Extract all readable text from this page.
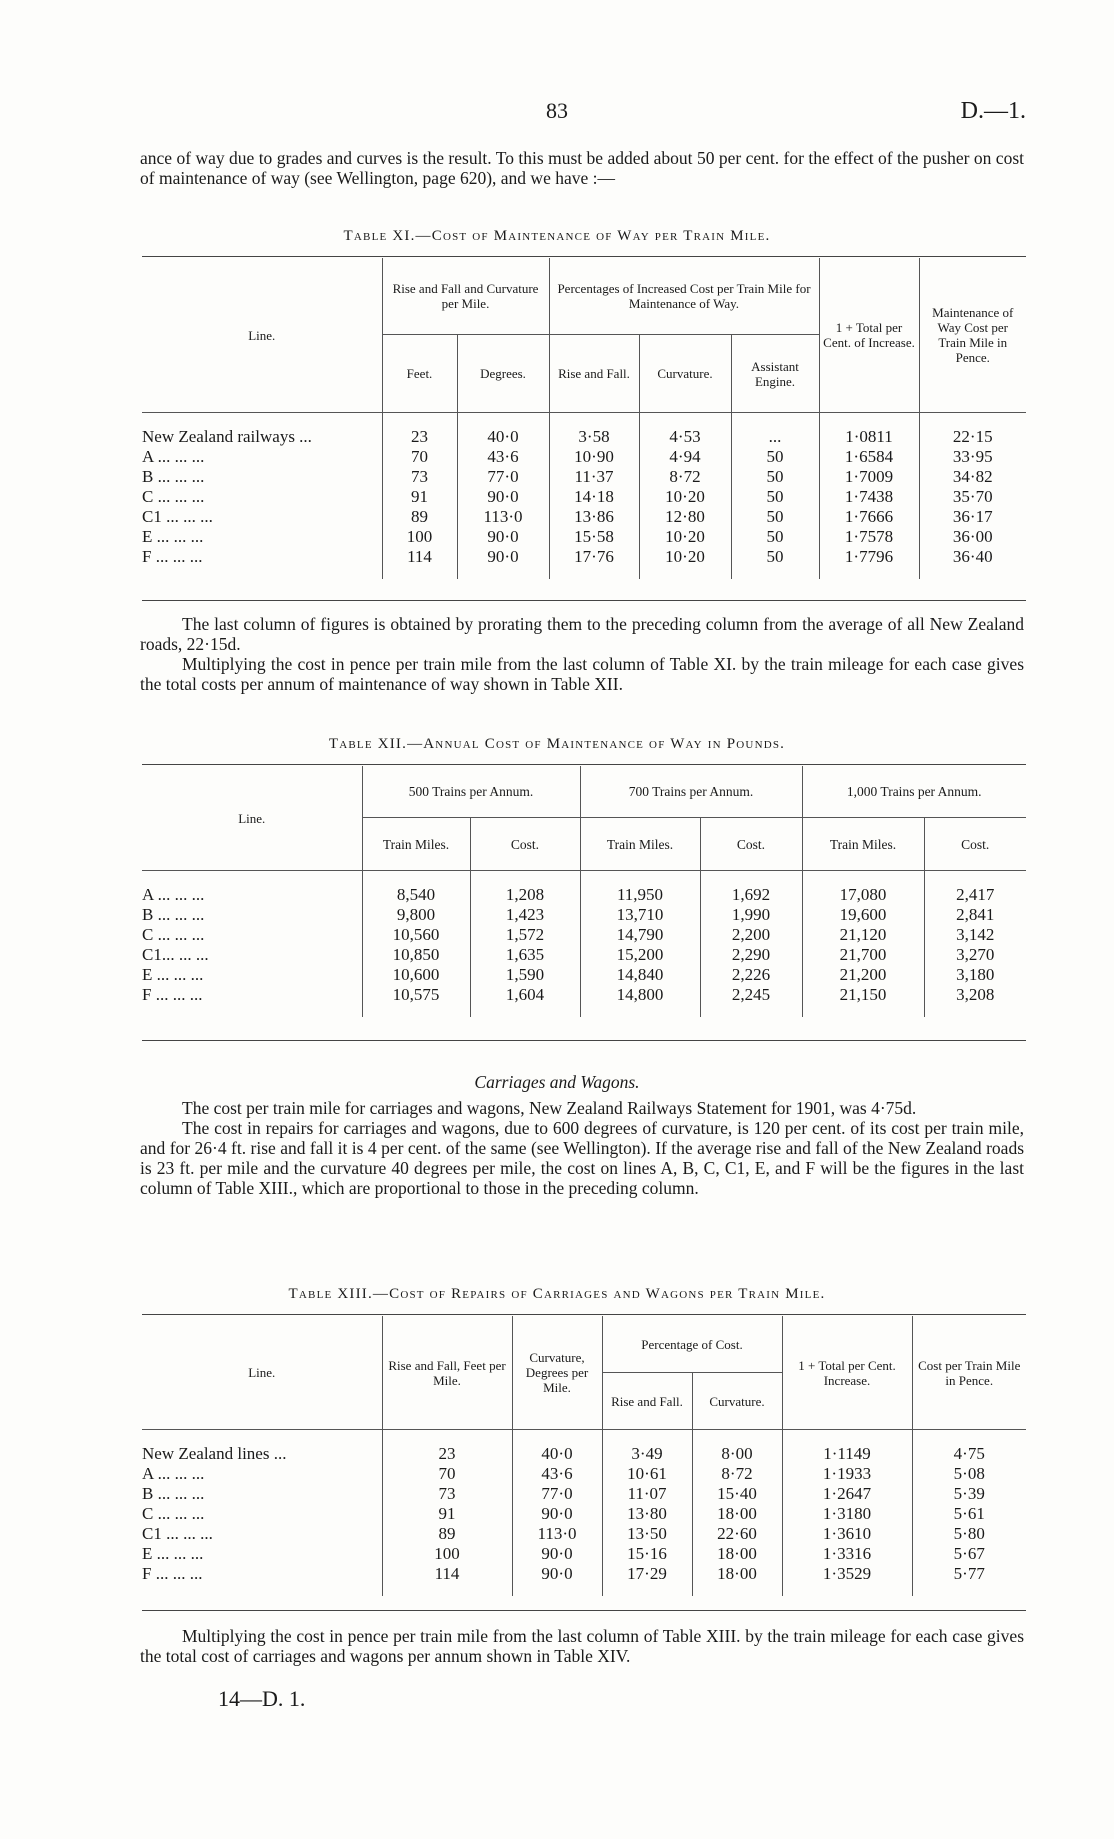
83	D.—1.

ance of way due to grades and curves is the result. To this must be added about 50 per cent. for the effect of the pusher on cost of maintenance of way (see Wellington, page 620), and we have :—

Table XI.—Cost of Maintenance of Way per Train Mile.
Line.	Rise and Fall and Curvature per Mile.		Percentages of Increased Cost per Train Mile for Maintenance of Way.			1 + Total per Cent. of Increase.	Maintenance of Way Cost per Train Mile in Pence.
	Feet.	Degrees.	Rise and Fall.	Curvature.	Assistant Engine.		

New Zealand railways ...	23	40·0	3·58	4·53	...	1·0811	22·15
A ... ... ...	70	43·6	10·90	4·94	50	1·6584	33·95
B ... ... ...	73	77·0	11·37	8·72	50	1·7009	34·82
C ... ... ...	91	90·0	14·18	10·20	50	1·7438	35·70
C1 ... ... ...	89	113·0	13·86	12·80	50	1·7666	36·17
E ... ... ...	100	90·0	15·58	10·20	50	1·7578	36·00
F ... ... ...	114	90·0	17·76	10·20	50	1·7796	36·40

The last column of figures is obtained by prorating them to the preceding column from the average of all New Zealand roads, 22·15d.

Multiplying the cost in pence per train mile from the last column of Table XI. by the train mileage for each case gives the total costs per annum of maintenance of way shown in Table XII.

Table XII.—Annual Cost of Maintenance of Way in Pounds.
Line.	500 Trains per Annum.		700 Trains per Annum.		1,000 Trains per Annum.	
	Train Miles.	Cost.	Train Miles.	Cost.	Train Miles.	Cost.

A ... ... ...	8,540	1,208	11,950	1,692	17,080	2,417
B ... ... ...	9,800	1,423	13,710	1,990	19,600	2,841
C ... ... ...	10,560	1,572	14,790	2,200	21,120	3,142
C1... ... ...	10,850	1,635	15,200	2,290	21,700	3,270
E ... ... ...	10,600	1,590	14,840	2,226	21,200	3,180
F ... ... ...	10,575	1,604	14,800	2,245	21,150	3,208

Carriages and Wagons.

The cost per train mile for carriages and wagons, New Zealand Railways Statement for 1901, was 4·75d.

The cost in repairs for carriages and wagons, due to 600 degrees of curvature, is 120 per cent. of its cost per train mile, and for 26·4 ft. rise and fall it is 4 per cent. of the same (see Wellington). If the average rise and fall of the New Zealand roads is 23 ft. per mile and the curvature 40 degrees per mile, the cost on lines A, B, C, C1, E, and F will be the figures in the last column of Table XIII., which are proportional to those in the preceding column.

Table XIII.—Cost of Repairs of Carriages and Wagons per Train Mile.
Line.	Rise and Fall, Feet per Mile.	Curvature, Degrees per Mile.	Percentage of Cost.		1 + Total per Cent. Increase.	Cost per Train Mile in Pence.
			Rise and Fall.	Curvature.		

New Zealand lines ...	23	40·0	3·49	8·00	1·1149	4·75
A ... ... ...	70	43·6	10·61	8·72	1·1933	5·08
B ... ... ...	73	77·0	11·07	15·40	1·2647	5·39
C ... ... ...	91	90·0	13·80	18·00	1·3180	5·61
C1 ... ... ...	89	113·0	13·50	22·60	1·3610	5·80
E ... ... ...	100	90·0	15·16	18·00	1·3316	5·67
F ... ... ...	114	90·0	17·29	18·00	1·3529	5·77

Multiplying the cost in pence per train mile from the last column of Table XIII. by the train mileage for each case gives the total cost of carriages and wagons per annum shown in Table XIV.

14—D. 1.
